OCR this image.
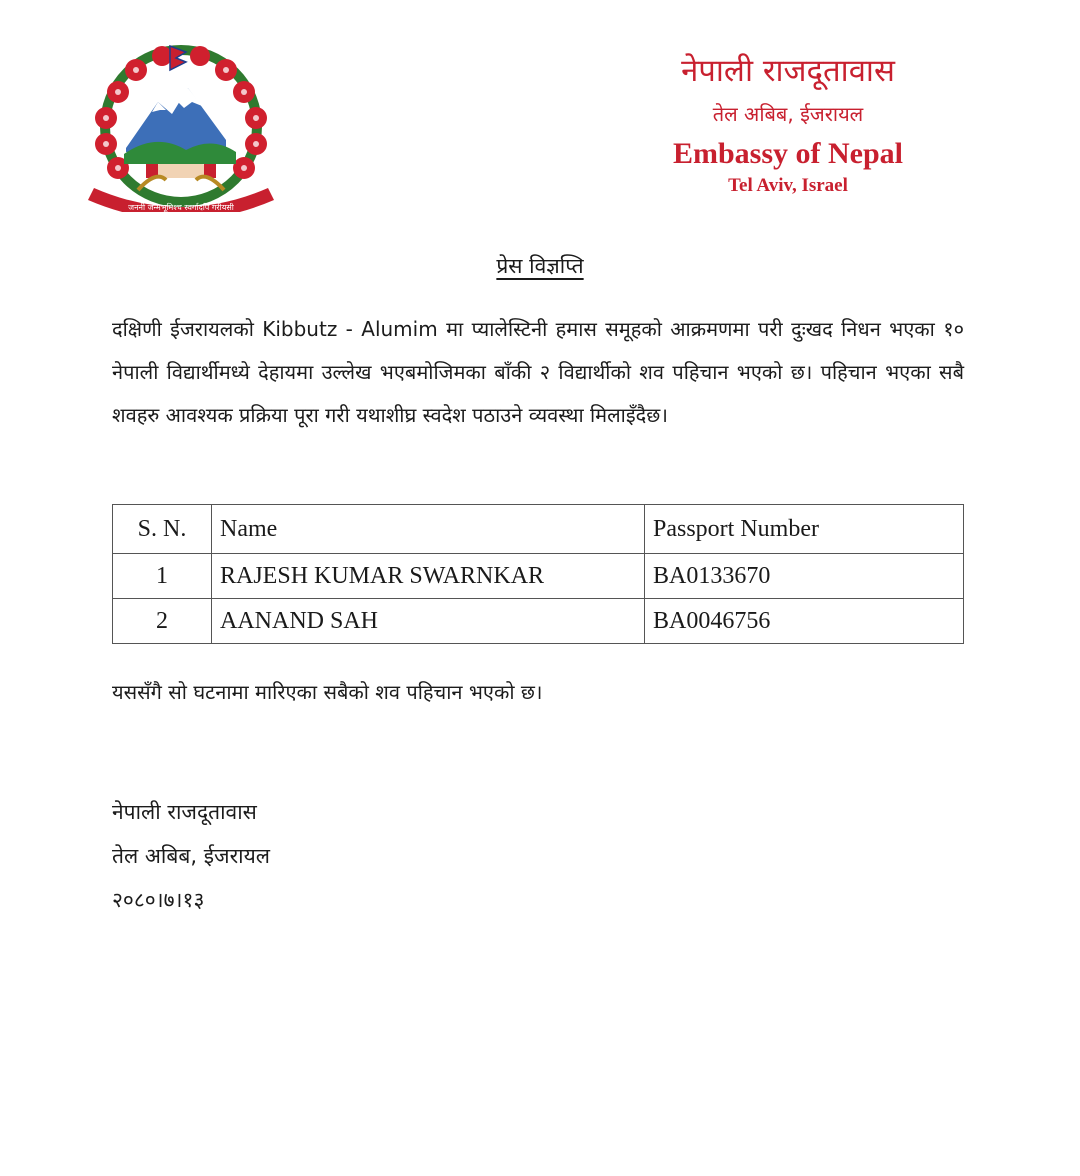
जननी जन्मभूमिश्च स्वर्गादपि गरीयसी
नेपाली राजदूतावास
तेल अबिब, ईजरायल
Embassy of Nepal
Tel Aviv, Israel
प्रेस विज्ञप्ति
दक्षिणी ईजरायलको Kibbutz - Alumim मा प्यालेस्टिनी हमास समूहको आक्रमणमा परी दुःखद निधन भएका १० नेपाली विद्यार्थीमध्ये देहायमा उल्लेख भएबमोजिमका बाँकी २ विद्यार्थीको शव पहिचान भएको छ। पहिचान भएका सबै शवहरु आवश्यक प्रक्रिया पूरा गरी यथाशीघ्र स्वदेश पठाउने व्यवस्था मिलाइँदैछ।
S. N.	Name	Passport Number
1	RAJESH KUMAR SWARNKAR	BA0133670
2	AANAND SAH	BA0046756
यससँगै सो घटनामा मारिएका सबैको शव पहिचान भएको छ।
नेपाली राजदूतावास
तेल अबिब, ईजरायल
२०८०।७।१३
